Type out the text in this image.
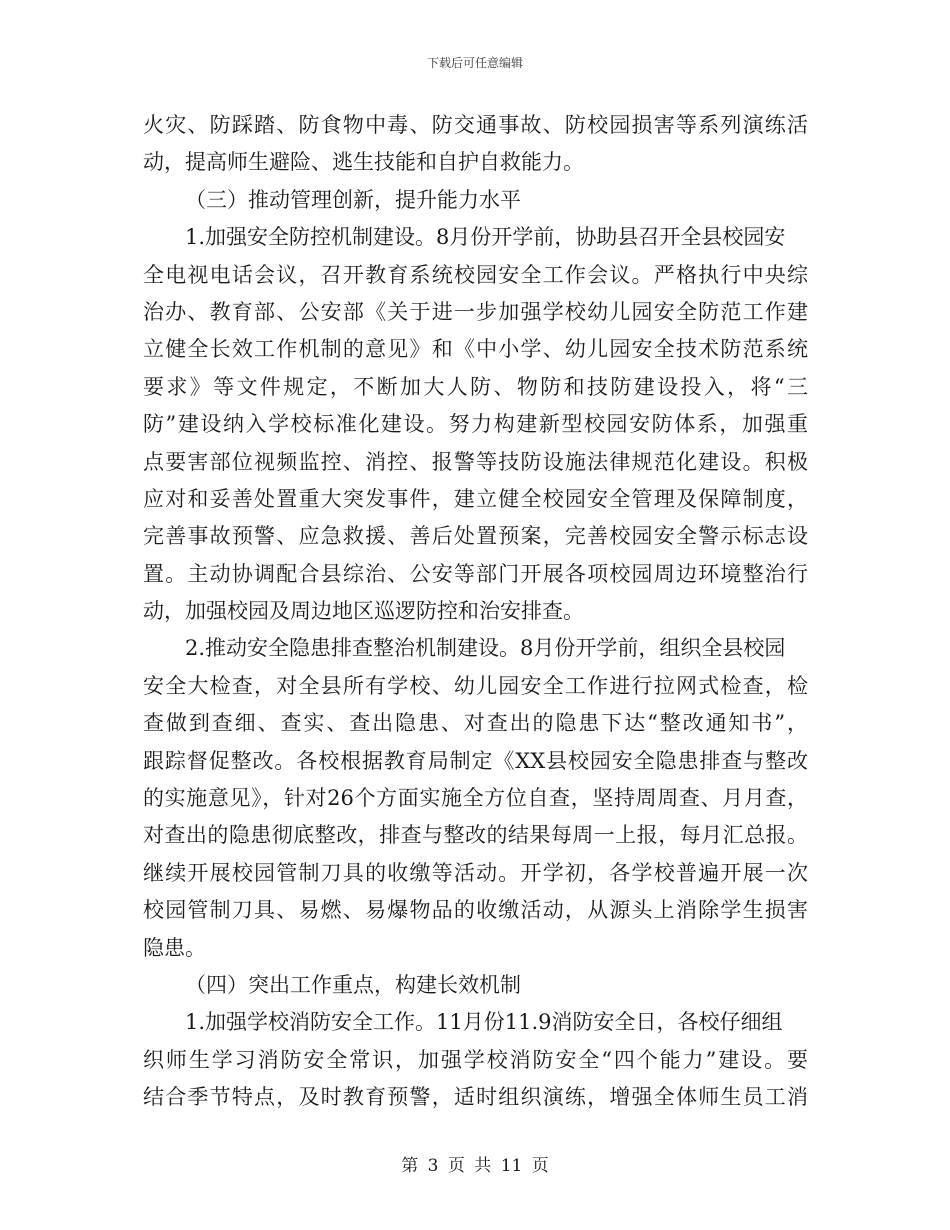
下载后可任意编辑
火灾、防踩踏、防食物中毒、防交通事故、防校园损害等系列演练活
动，提高师生避险、逃生技能和自护自救能力。
（三）推动管理创新，提升能力水平
1.加强安全防控机制建设。8月份开学前，协助县召开全县校园安
全电视电话会议，召开教育系统校园安全工作会议。严格执行中央综
治办、教育部、公安部《关于进一步加强学校幼儿园安全防范工作建
立健全长效工作机制的意见》和《中小学、幼儿园安全技术防范系统
要求》等文件规定，不断加大人防、物防和技防建设投入，将“三
防”建设纳入学校标准化建设。努力构建新型校园安防体系，加强重
点要害部位视频监控、消控、报警等技防设施法律规范化建设。积极
应对和妥善处置重大突发事件，建立健全校园安全管理及保障制度，
完善事故预警、应急救援、善后处置预案，完善校园安全警示标志设
置。主动协调配合县综治、公安等部门开展各项校园周边环境整治行
动，加强校园及周边地区巡逻防控和治安排查。
2.推动安全隐患排查整治机制建设。8月份开学前，组织全县校园
安全大检查，对全县所有学校、幼儿园安全工作进行拉网式检查，检
查做到查细、查实、查出隐患、对查出的隐患下达“整改通知书”，
跟踪督促整改。各校根据教育局制定《XX县校园安全隐患排查与整改
的实施意见》，针对26个方面实施全方位自查，坚持周周查、月月查，
对查出的隐患彻底整改，排查与整改的结果每周一上报，每月汇总报。
继续开展校园管制刀具的收缴等活动。开学初，各学校普遍开展一次
校园管制刀具、易燃、易爆物品的收缴活动，从源头上消除学生损害
隐患。
（四）突出工作重点，构建长效机制
1.加强学校消防安全工作。11月份11.9消防安全日，各校仔细组
织师生学习消防安全常识，加强学校消防安全“四个能力”建设。要
结合季节特点，及时教育预警，适时组织演练，增强全体师生员工消
第 3 页 共 11 页
